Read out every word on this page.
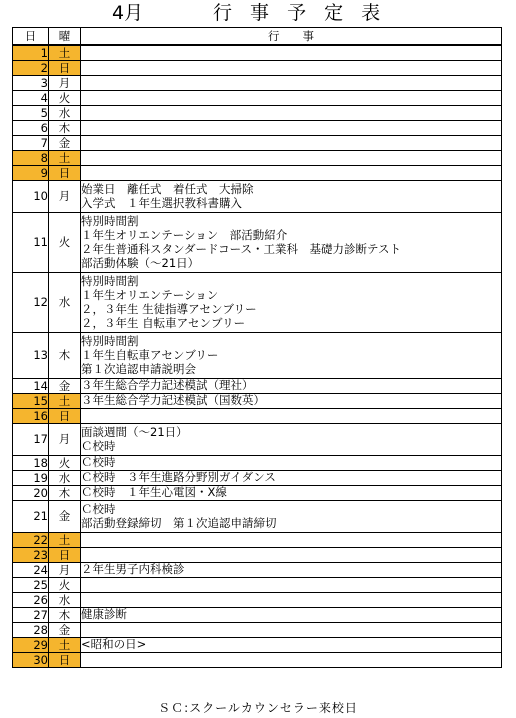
4月

	行 事 予 定 表

日	曜	行　　事
1	土	

2	日	

3	月	

4	火	

5	水	

6	木	

7	金	

8	土	

9	日	

10	月	始業日　離任式　着任式　大掃除
入学式　１年生選択教科書購入

11	火	特別時間割
１年生オリエンテーション　部活動紹介
２年生普通科スタンダードコース・工業科　基礎力診断テスト
部活動体験（～21日）

12	水	特別時間割
１年生オリエンテーション
２，３年生 生徒指導アセンブリー
２，３年生 自転車アセンブリー

13	木	特別時間割
１年生自転車アセンブリー
第１次追認申請説明会

14	金	３年生総合学力記述模試（理社）

15	土	３年生総合学力記述模試（国数英）

16	日	

17	月	面談週間（～21日）
Ｃ校時

18	火	Ｃ校時

19	水	Ｃ校時　３年生進路分野別ガイダンス

20	木	Ｃ校時　１年生心電図・X線

21	金	Ｃ校時
部活動登録締切　第１次追認申請締切

22	土	

23	日	

24	月	２年生男子内科検診

25	火	

26	水	

27	木	健康診断

28	金	

29	土	<昭和の日>

30	日	
ＳＣ:スクールカウンセラー来校日
